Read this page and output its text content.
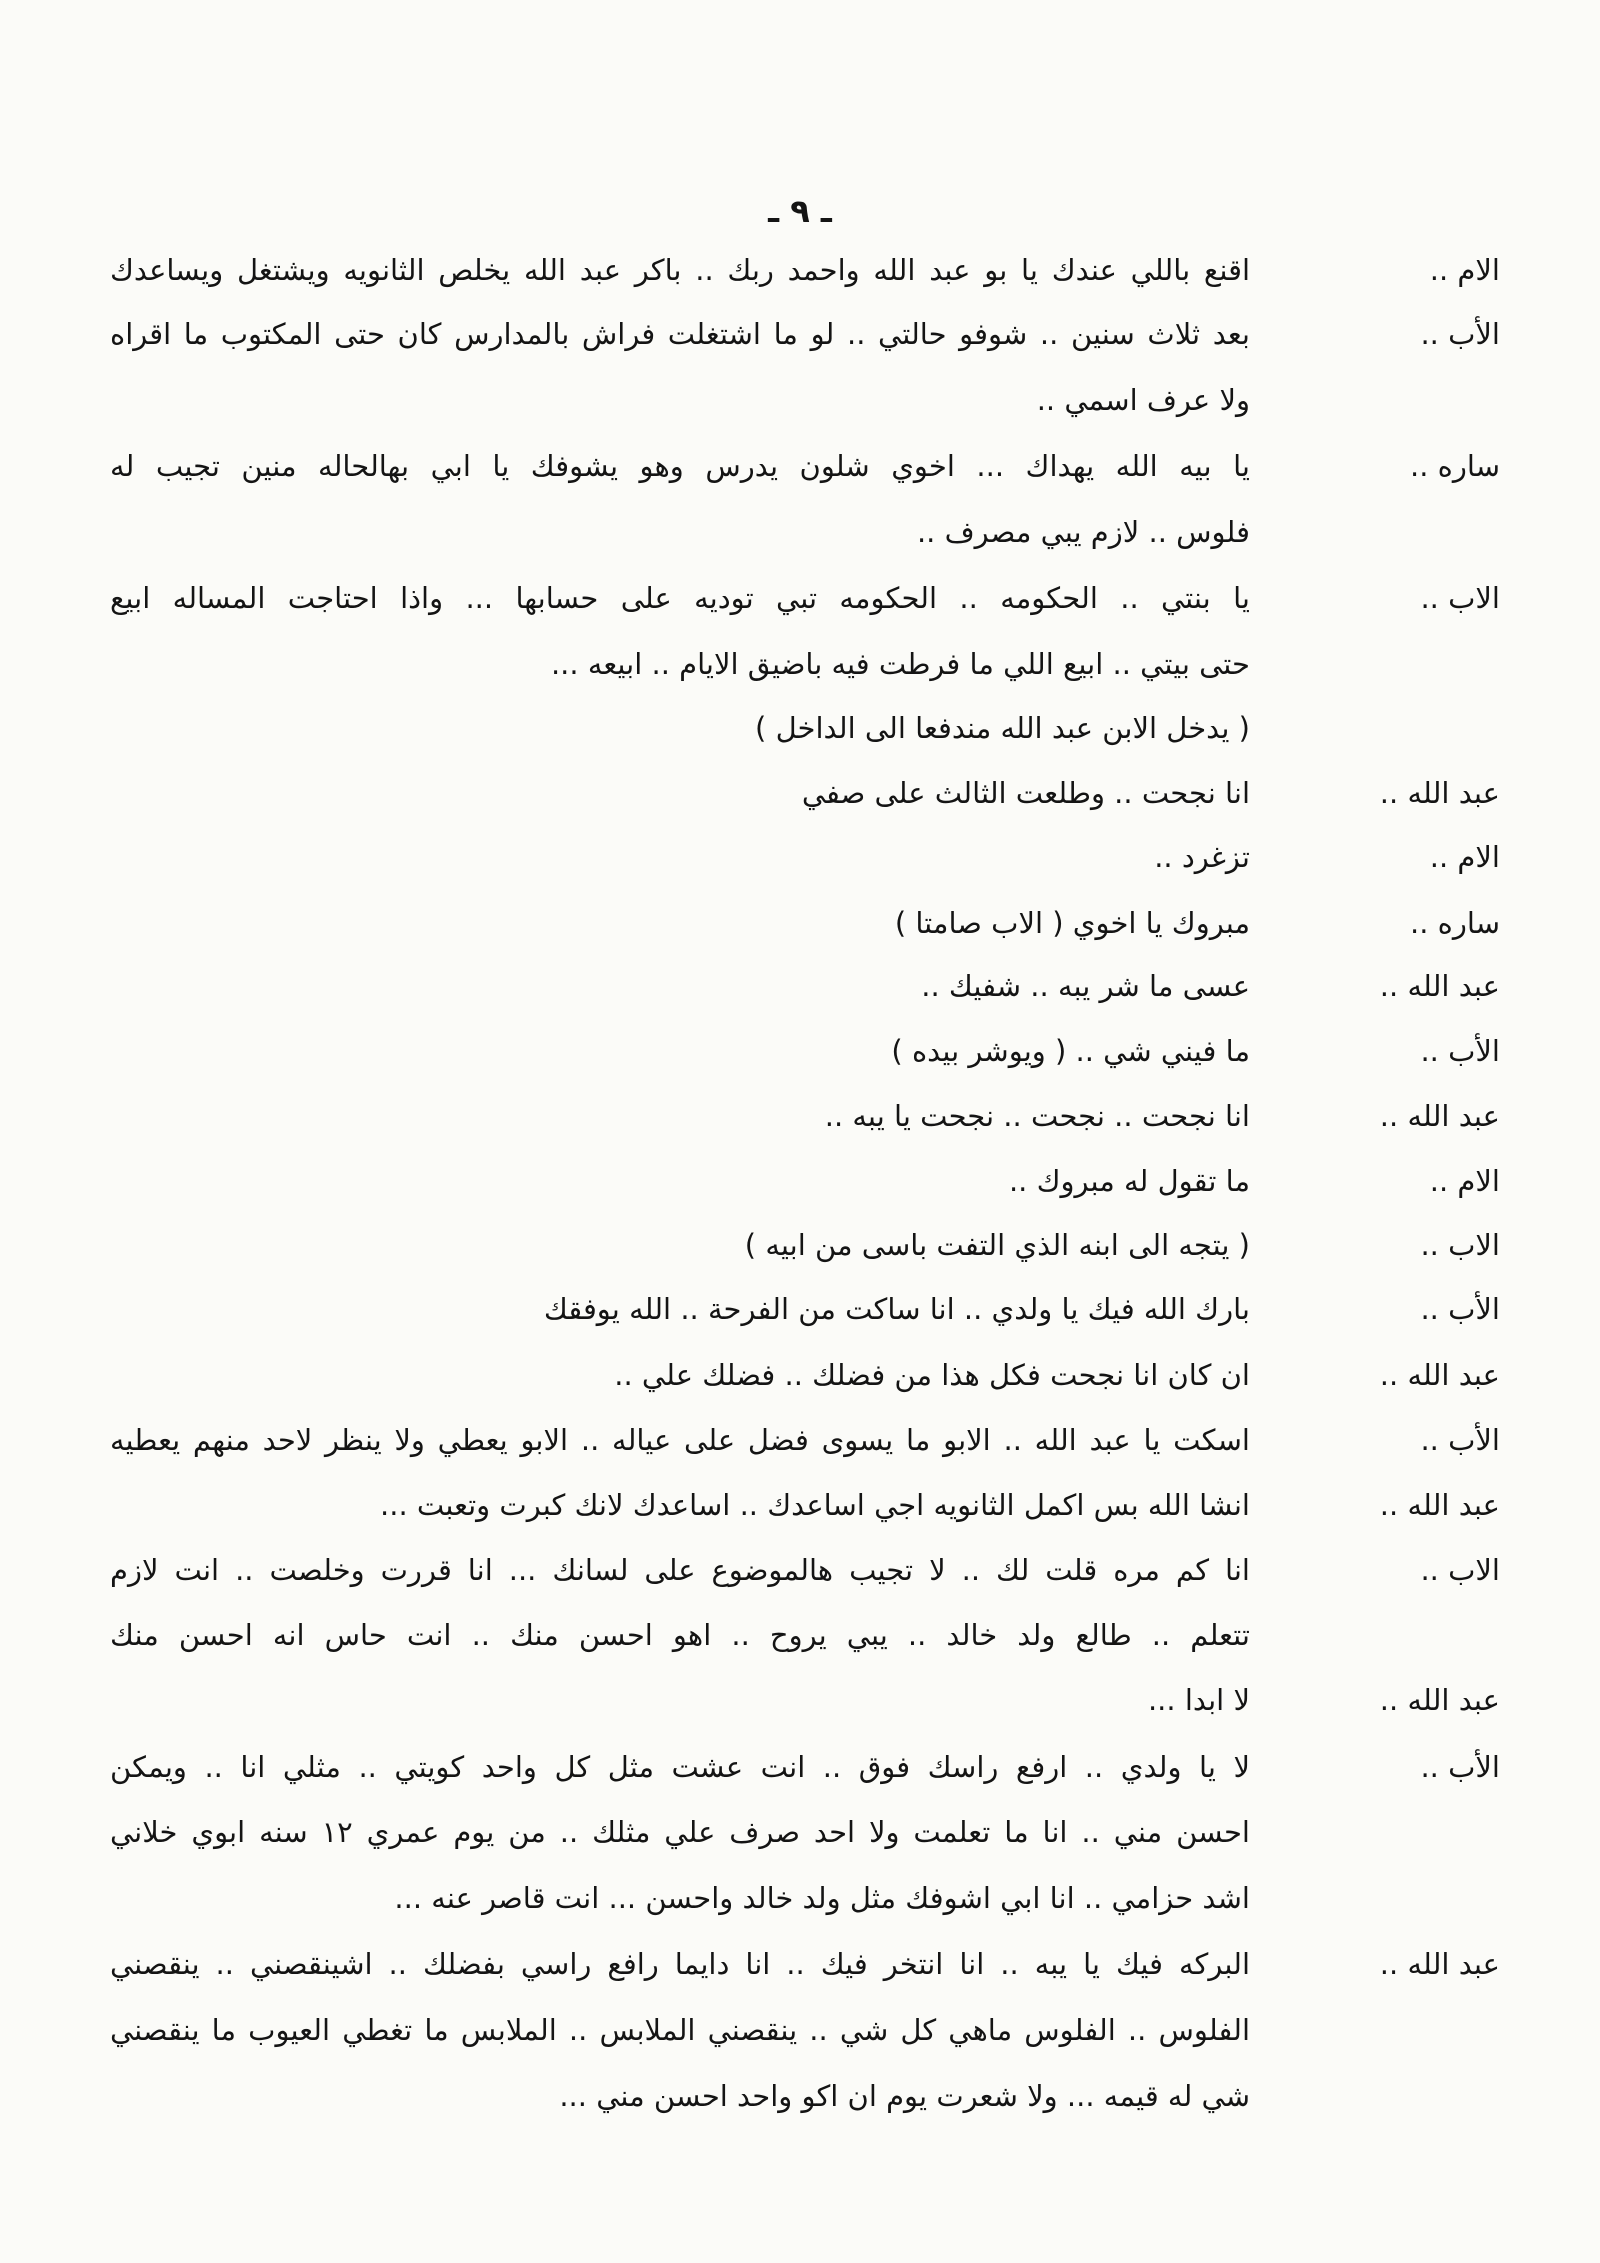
ـ ٩ ـ
الام ..
اقنع باللي عندك يا بو عبد الله واحمد ربك .. باكر عبد الله يخلص الثانويه ويشتغل ويساعدك
الأب ..
بعد ثلاث سنين .. شوفو حالتي .. لو ما اشتغلت فراش بالمدارس كان حتى المكتوب ما اقراه
ولا عرف اسمي ..
ساره ..
يا بيه الله يهداك ... اخوي شلون يدرس وهو يشوفك يا ابي بهالحاله منين تجيب له
فلوس .. لازم يبي مصرف ..
الاب ..
يا بنتي .. الحكومه .. الحكومه تبي توديه على حسابها ... واذا احتاجت المساله ابيع
حتى بيتي .. ابيع اللي ما فرطت فيه باضيق الايام .. ابيعه ...
( يدخل الابن عبد الله مندفعا الى الداخل )
عبد الله ..
انا نجحت .. وطلعت الثالث على صفي
الام ..
تزغرد ..
ساره ..
مبروك يا اخوي ( الاب صامتا )
عبد الله ..
عسى ما شر يبه .. شفيك ..
الأب ..
ما فيني شي .. ( ويوشر بيده )
عبد الله ..
انا نجحت .. نجحت .. نجحت يا يبه ..
الام ..
ما تقول له مبروك ..
الاب ..
( يتجه الى ابنه الذي التفت باسى من ابيه )
الأب ..
بارك الله فيك يا ولدي .. انا ساكت من الفرحة .. الله يوفقك
عبد الله ..
ان كان انا نجحت فكل هذا من فضلك .. فضلك علي ..
الأب ..
اسكت يا عبد الله .. الابو ما يسوى فضل على عياله .. الابو يعطي ولا ينظر لاحد منهم يعطيه
عبد الله ..
انشا الله بس اكمل الثانويه اجي اساعدك .. اساعدك لانك كبرت وتعبت ...
الاب ..
انا كم مره قلت لك .. لا تجيب هالموضوع على لسانك ... انا قررت وخلصت .. انت لازم
تتعلم .. طالع ولد خالد .. يبي يروح .. اهو احسن منك .. انت حاس انه احسن منك
عبد الله ..
لا ابدا ...
الأب ..
لا يا ولدي .. ارفع راسك فوق .. انت عشت مثل كل واحد كويتي .. مثلي انا .. ويمكن
احسن مني .. انا ما تعلمت ولا احد صرف علي مثلك .. من يوم عمري ١٢ سنه ابوي خلاني
اشد حزامي .. انا ابي اشوفك مثل ولد خالد واحسن ... انت قاصر عنه ...
عبد الله ..
البركه فيك يا يبه .. انا انتخر فيك .. انا دايما رافع راسي بفضلك .. اشينقصني .. ينقصني
الفلوس .. الفلوس ماهي كل شي .. ينقصني الملابس .. الملابس ما تغطي العيوب ما ينقصني
شي له قيمه ... ولا شعرت يوم ان اكو واحد احسن مني ...
